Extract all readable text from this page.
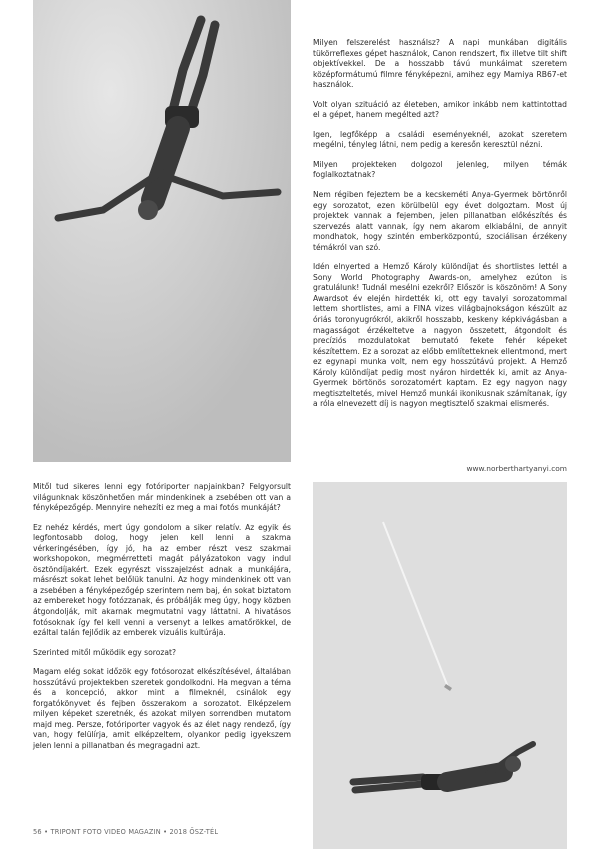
Milyen felszerelést használsz? A napi munkában digitális tükörreflexes gépet használok, Canon rendszert, fix illetve tilt shift objektívekkel. De a hosszabb távú munkáimat szeretem középformátumú filmre fényképezni, amihez egy Mamiya RB67-et használok.

Volt olyan szituáció az életeben, amikor inkább nem kattintottad el a gépet, hanem megélted azt?

Igen, legfőképp a családi eseményeknél, azokat szeretem megélni, tényleg látni, nem pedig a keresőn keresztül nézni.

Milyen projekteken dolgozol jelenleg, milyen témák foglalkoztatnak?

Nem régiben fejeztem be a kecskeméti Anya-Gyermek börtönről egy sorozatot, ezen körülbelül egy évet dolgoztam. Most új projektek vannak a fejemben, jelen pillanatban előkészítés és szervezés alatt vannak, így nem akarom elkiabálni, de annyit mondhatok, hogy szintén emberközpontú, szociálisan érzékeny témákról van szó.

Idén elnyerted a Hemző Károly különdíjat és shortlistes lettél a Sony World Photography Awards-on, amelyhez ezúton is gratulálunk! Tudnál mesélni ezekről? Először is köszönöm! A Sony Awardsot év elején hirdették ki, ott egy tavalyi sorozatommal lettem shortlistes, ami a FINA vizes világbajnokságon készült az óriás toronyugrókról, akikről hosszabb, keskeny képkivágásban a magasságot érzékeltetve a nagyon összetett, átgondolt és precíziós mozdulatokat bemutató fekete fehér képeket készítettem. Ez a sorozat az előbb említetteknek ellentmond, mert ez egynapi munka volt, nem egy hosszútávú projekt. A Hemző Károly különdíjat pedig most nyáron hirdették ki, amit az Anya-Gyermek börtönös sorozatomért kaptam. Ez egy nagyon nagy megtiszteltetés, mivel Hemző munkái ikonikusnak számítanak, így a róla elnevezett díj is nagyon megtisztelő szakmai elismerés.

www.norberthartyanyi.com

Mitől tud sikeres lenni egy fotóriporter napjainkban? Felgyorsult világunknak köszönhetően már mindenkinek a zsebében ott van a fényképezőgép. Mennyire nehezíti ez meg a mai fotós munkáját?

Ez nehéz kérdés, mert úgy gondolom a siker relatív. Az egyik és legfontosabb dolog, hogy jelen kell lenni a szakma vérkeringésében, így jó, ha az ember részt vesz szakmai workshopokon, megmérretteti magát pályázatokon vagy indul ösztöndíjakért. Ezek egyrészt visszajelzést adnak a munkájára, másrészt sokat lehet belőlük tanulni. Az hogy mindenkinek ott van a zsebében a fényképezőgép szerintem nem baj, én sokat biztatom az embereket hogy fotózzanak, és próbálják meg úgy, hogy közben átgondolják, mit akarnak megmutatni vagy láttatni. A hivatásos fotósoknak így fel kell venni a versenyt a lelkes amatőrökkel, de ezáltal talán fejlődik az emberek vizuális kultúrája.

Szerinted mitől működik egy sorozat?

Magam elég sokat időzök egy fotósorozat elkészítésével, általában hosszútávú projektekben szeretek gondolkodni. Ha megvan a téma és a koncepció, akkor mint a filmeknél, csinálok egy forgatókönyvet és fejben összerakom a sorozatot. Elképzelem milyen képeket szeretnék, és azokat milyen sorrendben mutatom majd meg. Persze, fotóriporter vagyok és az élet nagy rendező, így van, hogy felülírja, amit elképzeltem, olyankor pedig igyekszem jelen lenni a pillanatban és megragadni azt.

56 • TRIPONT FOTO VIDEO MAGAZIN • 2018 ŐSZ-TÉL
